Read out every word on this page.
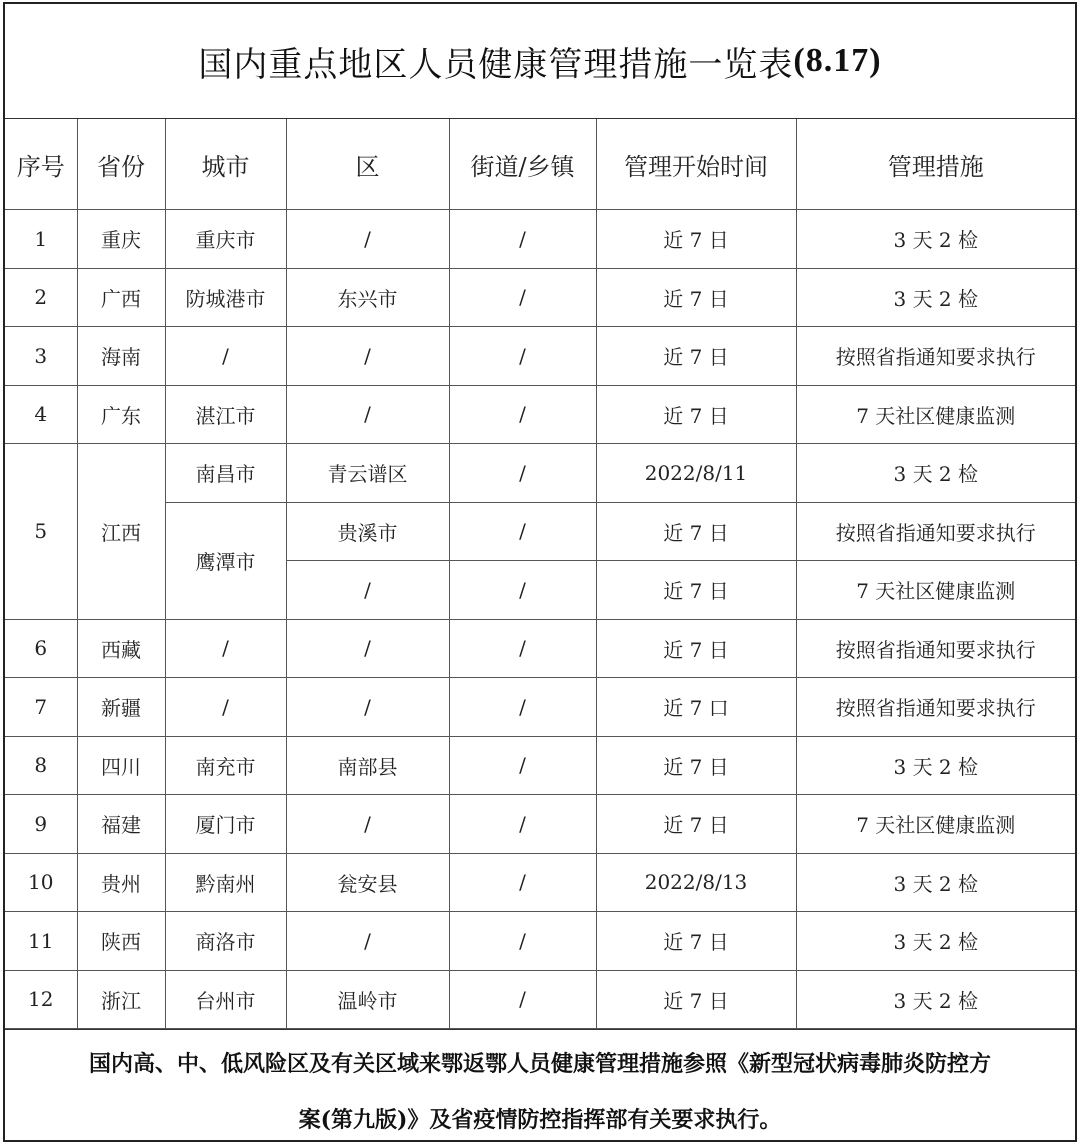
国内重点地区人员健康管理措施一览表 (8.17)
序号	省份	城市	区	街道/乡镇	管理开始时间	管理措施
1	重庆	重庆市	/	/	近 7 日	3 天 2 检
2	广西	防城港市	东兴市	/	近 7 日	3 天 2 检
3	海南	/	/	/	近 7 日	按照省指通知要求执行
4	广东	湛江市	/	/	近 7 日	7 天社区健康监测
5	江西	南昌市	青云谱区	/	2022/8/11	3 天 2 检
		鹰潭市	贵溪市	/	近 7 日	按照省指通知要求执行
			/	/	近 7 日	7 天社区健康监测
6	西藏	/	/	/	近 7 日	按照省指通知要求执行
7	新疆	/	/	/	近 7 口	按照省指通知要求执行
8	四川	南充市	南部县	/	近 7 日	3 天 2 检
9	福建	厦门市	/	/	近 7 日	7 天社区健康监测
10	贵州	黔南州	瓮安县	/	2022/8/13	3 天 2 检
11	陕西	商洛市	/	/	近 7 日	3 天 2 检
12	浙江	台州市	温岭市	/	近 7 日	3 天 2 检
国内高、中、低风险区及有关区域来鄂返鄂人员健康管理措施参照《新型冠状病毒肺炎防控方
案(第九版)》及省疫情防控指挥部有关要求执行。
